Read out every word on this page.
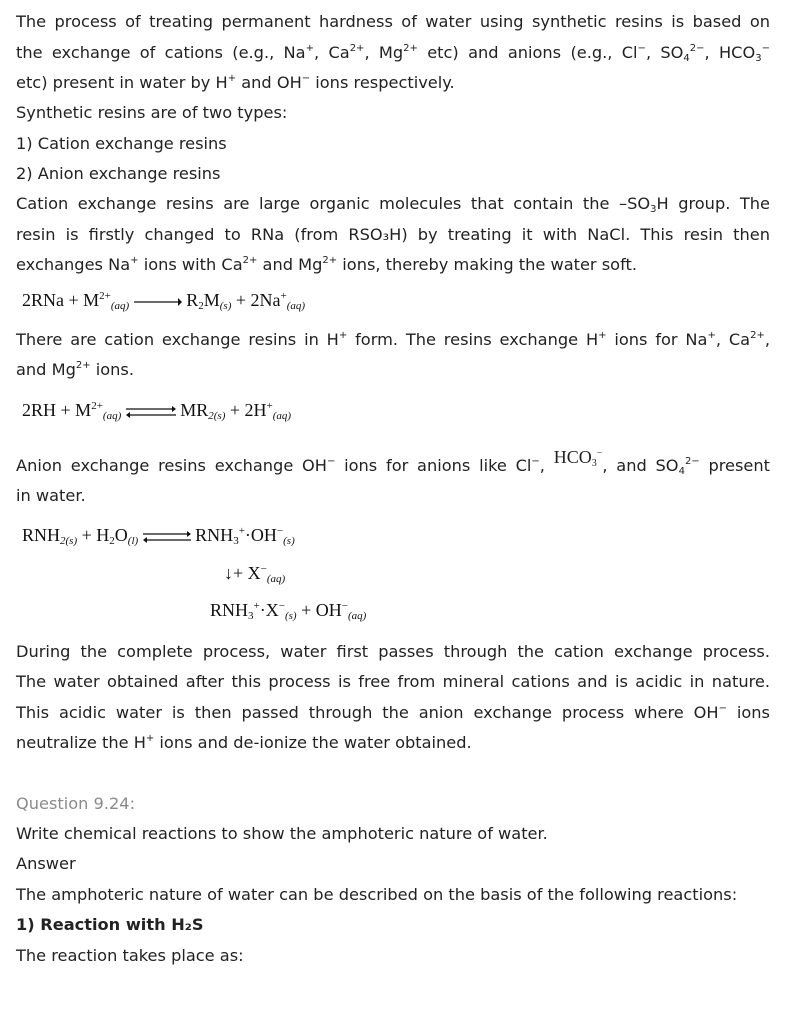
The process of treating permanent hardness of water using synthetic resins is based on
the exchange of cations (e.g., Na+, $Ca^{2+}$, $Mg^{2+}$ etc) and anions (e.g., Cl−, $SO_4^{2-}$, $HCO_3^-$
etc) present in water by H+ and OH− ions respectively.
Synthetic resins are of two types:
1) Cation exchange resins
2) Anion exchange resins
Cation exchange resins are large organic molecules that contain the $-SO_3H$ group. The
resin is firstly changed to RNa (from RSO₃H) by treating it with NaCl. This resin then
exchanges Na+ ions with $Ca^{2+}$ and $Mg^{2+}$ ions, thereby making the water soft.
$2RNa + M^{2+}_{(aq)}$	$R_2M_{(s)} + 2Na^+_{(aq)}$
There are cation exchange resins in H+ form. The resins exchange H+ ions for Na+, $Ca^{2+}$,
and $Mg^{2+}$ ions.
$2RH + M^{2+}_{(aq)}$ ⇌ $MR_{2(s)} + 2H^+_{(aq)}$
Anion exchange resins exchange OH− ions for anions like Cl−, $HCO_3^-$, and $SO_4^{2-}$ present
in water.
$RNH_{2(s)} + H_2O_{(l)}$ ⇌ $RNH_3^+\cdot OH^-_{(s)}$
↓+ $X^-_{(aq)}$
$RNH_3^+\cdot X^-_{(s)} + OH^-_{(aq)}$
During the complete process, water first passes through the cation exchange process.
The water obtained after this process is free from mineral cations and is acidic in nature.
This acidic water is then passed through the anion exchange process where OH− ions
neutralize the H+ ions and de-ionize the water obtained.
Question 9.24:
Write chemical reactions to show the amphoteric nature of water.
Answer
The amphoteric nature of water can be described on the basis of the following reactions:
1) Reaction with H₂S
The reaction takes place as:
